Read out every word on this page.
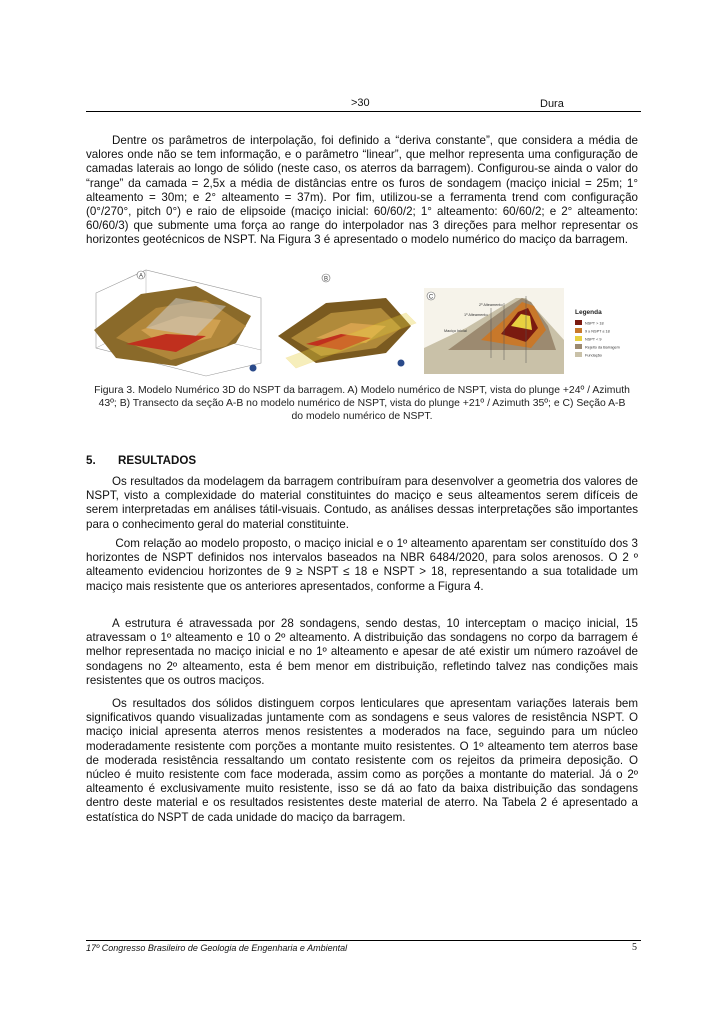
>30	Dura

Dentre os parâmetros de interpolação, foi definido a “deriva constante”, que considera a média de valores onde não se tem informação, e o parâmetro “linear”, que melhor representa uma configuração de camadas laterais ao longo de sólido (neste caso, os aterros da barragem). Configurou-se ainda o valor do “range” da camada = 2,5x a média de distâncias entre os furos de sondagem (maciço inicial = 25m; 1° alteamento = 30m; e 2° alteamento = 37m). Por fim, utilizou-se a ferramenta trend com configuração (0°/270°, pitch 0°) e raio de elipsoide (maciço inicial: 60/60/2; 1° alteamento: 60/60/2; e 2° alteamento: 60/60/3) que submente uma força ao range do interpolador nas 3 direções para melhor representar os horizontes geotécnicos de NSPT. Na Figura 3 é apresentado o modelo numérico do maciço da barragem.

A	B
2º Alteamento
1º Alteamento
Maciço Inicial
C
Legenda
NSPT > 18
9 ≥ NSPT ≤ 18
NSPT < 9
Rejeito da Barragem
Fundação
Figura 3. Modelo Numérico 3D do NSPT da barragem. A) Modelo numérico de NSPT, vista do plunge +24º / Azimuth 43º; B) Transecto da seção A-B no modelo numérico de NSPT, vista do plunge +21º / Azimuth 35º; e C) Seção A-B do modelo numérico de NSPT.
5. RESULTADOS

Os resultados da modelagem da barragem contribuíram para desenvolver a geometria dos valores de NSPT, visto a complexidade do material constituintes do maciço e seus alteamentos serem difíceis de serem interpretadas em análises tátil-visuais. Contudo, as análises dessas interpretações são importantes para o conhecimento geral do material constituinte.

Com relação ao modelo proposto, o maciço inicial e o 1º alteamento aparentam ser constituído dos 3 horizontes de NSPT definidos nos intervalos baseados na NBR 6484/2020, para solos arenosos. O 2 º alteamento evidenciou horizontes de 9 ≥ NSPT ≤ 18 e NSPT > 18, representando a sua totalidade um maciço mais resistente que os anteriores apresentados, conforme a Figura 4.

A estrutura é atravessada por 28 sondagens, sendo destas, 10 interceptam o maciço inicial, 15 atravessam o 1º alteamento e 10 o 2º alteamento. A distribuição das sondagens no corpo da barragem é melhor representada no maciço inicial e no 1º alteamento e apesar de até existir um número razoável de sondagens no 2º alteamento, esta é bem menor em distribuição, refletindo talvez nas condições mais resistentes que os outros maciços.

Os resultados dos sólidos distinguem corpos lenticulares que apresentam variações laterais bem significativos quando visualizadas juntamente com as sondagens e seus valores de resistência NSPT. O maciço inicial apresenta aterros menos resistentes a moderados na face, seguindo para um núcleo moderadamente resistente com porções a montante muito resistentes. O 1º alteamento tem aterros base de moderada resistência ressaltando um contato resistente com os rejeitos da primeira deposição. O núcleo é muito resistente com face moderada, assim como as porções a montante do material. Já o 2º alteamento é exclusivamente muito resistente, isso se dá ao fato da baixa distribuição das sondagens dentro deste material e os resultados resistentes deste material de aterro. Na Tabela 2 é apresentado a estatística do NSPT de cada unidade do maciço da barragem.

17º Congresso Brasileiro de Geologia de Engenharia e Ambiental	5
